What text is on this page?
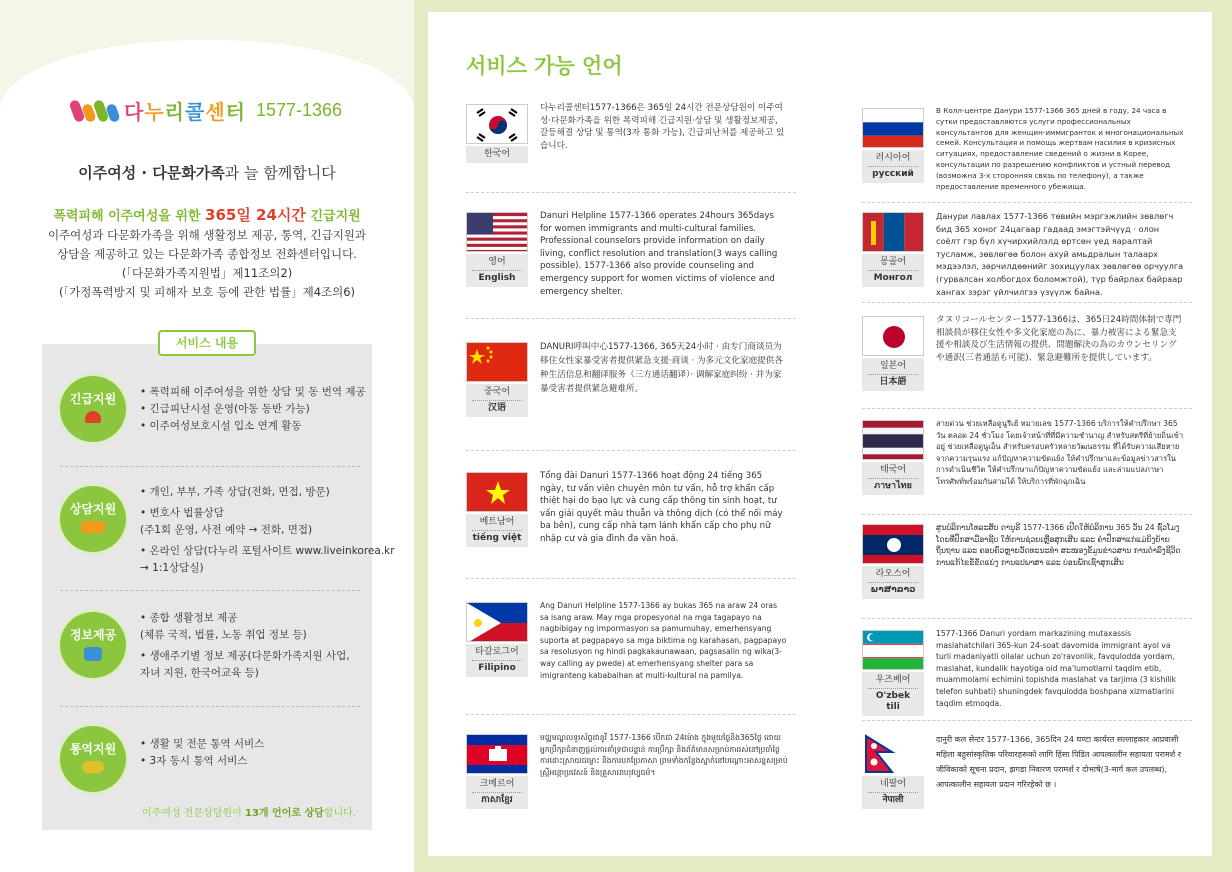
다누리콜센터 1577-1366
이주여성 · 다문화가족과 늘 함께합니다
폭력피해 이주여성을 위한 365일 24시간 긴급지원
이주여성과 다문화가족을 위해 생활정보 제공, 통역, 긴급지원과
상담을 제공하고 있는 다문화가족 종합정보 전화센터입니다.
(「다문화가족지원법」제11조의2)
(「가정폭력방지 및 피해자 보호 등에 관한 법률」제4조의6)
서비스 내용
긴급지원	• 폭력피해 이주여성을 위한 상담 및 동 번역 제공
• 긴급피난시설 운영(아동 동반 가능)
• 이주여성보호시설 입소 연계 활동
상담지원
• 개인, 부부, 가족 상담(전화, 면접, 방문)
• 변호사 법률상담
(주1회 운영, 사전 예약 → 전화, 면접)
• 온라인 상담(다누리 포털사이트 www.liveinkorea.kr
→ 1:1상담실)
정보제공
• 종합 생활정보 제공
(체류 국적, 법률, 노동 취업 정보 등)
• 생애주기별 정보 제공(다문화가족지원 사업,
자녀 지원, 한국어교육 등)
통역지원	• 생활 및 전문 통역 서비스
• 3자 동시 통역 서비스
이주여성 전문상담원이 13개 언어로 상담합니다.
서비스 가능 언어
한국어
다누리콜센터1577-1366은 365일 24시간 전문상담원이 이주여성·다문화가족을 위한 폭력피해 긴급지원·상담 및 생활정보제공, 갈등해결 상담 및 통역(3자 통화 가능), 긴급피난처를 제공하고 있습니다.
영어
English
Danuri Helpline 1577-1366 operates 24hours 365days for women immigrants and multi-cultural families. Professional counselors provide information on daily living, conflict resolution and translation(3 ways calling possible). 1577-1366 also provide counseling and emergency support for women victims of violence and emergency shelter.
중국어
汉语
DANURI呼叫中心1577-1366, 365天24小时 · 由专门商谈员为移住女性家暴受害者提供紧急支援·商谈 · 为多元文化家庭提供各种生活信息和翻译服务（三方通话翻译）· 调解家庭纠纷 · 并为家暴受害者提供紧急避难所。
베트남어
tiếng việt
Tổng đài Danuri 1577-1366 hoạt động 24 tiếng 365 ngày, tư vấn viên chuyên môn tư vấn, hỗ trợ khẩn cấp thiệt hại do bạo lực và cung cấp thông tin sinh hoạt, tư vấn giải quyết mâu thuẫn và thông dịch (có thể nối máy ba bên), cung cấp nhà tạm lánh khẩn cấp cho phụ nữ nhập cư và gia đình đa văn hoá.
타갈로그어
Filipino
Ang Danuri Helpline 1577-1366 ay bukas 365 na araw 24 oras sa isang araw. May mga propesyonal na mga tagapayo na nagbibigay ng impormasyon sa pamumuhay, emerhensyang suporta at pagpapayo sa mga biktima ng karahasan, pagpapayo sa resolusyon ng hindi pagkakaunawaan, pagsasalin ng wika(3-way calling ay pwede) at emerhensyang shelter para sa imigranteng kababaihan at multi-kultural na pamilya.
크메르어
ភាសាខ្មែរ
មជ្ឈមណ្ឌលទូរស័ព្ទដានូរី 1577-1366 បើកជា 24ម៉ោង ក្នុងមួយថ្ងៃនិង365ថ្ងៃ ដោយអ្នកប្រឹក្សាជំនាញផ្តល់ការគាំទ្រជាបន្ទាន់ ការប្រឹក្សា និងព័ត៌មានសម្រាប់ការរស់នៅប្រចាំថ្ងៃ ការដោះស្រាយជម្លោះ និងការបកប្រែភាសា ព្រមទាំងកន្លែងស្នាក់នៅបណ្តោះអាសន្នសម្រាប់ស្ត្រីអន្តោប្រវេសន៍ និងគ្រួសារពហុវប្បធម៌។
러시아어
русский
В Колл-центре Данури 1577-1366 365 дней в году, 24 часа в сутки предоставляются услуги профессиональных консультантов для женщин-иммигранток и многонациональных семей. Консультация и помощь жертвам насилия в кризисных ситуациях, предоставление сведений о жизни в Корее, консультации по разрешению конфликтов и устный перевод (возможна 3-х сторонняя связь по телефону), а также предоставление временного убежища.
몽골어
Монгол
Данури лавлах 1577-1366 төвийн мэргэжлийн зөвлөгч бид 365 хоног 24цагаар гадаад эмэгтэйчүүд · олон соёлт гэр бүл хүчирхийлэлд өртсөн үед яаралтай тусламж, зөвлөгөө болон ахуй амьдралын талаарх мэдээлэл, зөрчилдөөнийг зохицуулах зөвлөгөө орчуулга (гурвалсан холбогдох боломжтой), түр байрлах байраар хангах зэрэг үйлчилгээ үзүүлж байна.
일본어
日本語
タヌリコールセンター1577-1366は、365日24時間体制で専門相談員が移住女性や多文化家庭の為に、暴力被害による緊急支援や相談及び生活情報の提供、問題解決の為のカウンセリングや通訳(三者通話も可能)、緊急避難所を提供しています。
태국어
ภาษาไทย
สายด่วน ช่วยเหลือดูนูรีเฮ้ หมายเลข 1577-1366 บริการให้คำปรึกษา 365 วัน ตลอด 24 ชั่วโมง โดยเจ้าหน้าที่ที่มีความชำนาญ สำหรับสตรีที่ย้ายถิ่นเข้าอยู่ ช่วยเหลือดูนูเอ็น สำหรับครอบครัวหลายวัฒนธรรม ที่ได้รับความเสียหายจากความรุนแรง แก้ปัญหาความขัดแย้ง ให้คำปรึกษาและข้อมูลข่าวสารในการดำเนินชีวิต ให้คำปรึกษาแก้ปัญหาความขัดแย้ง และล่ามแปลภาษาโทรศัพท์พร้อมกันสามได้ ให้บริการที่พักฉุกเฉิน
라오스어
ພາສາລາວ
ສູນບໍລິການໂທລະສັບ ດານູຣີ 1577-1366 ເປີດໃຫ້ບໍລິການ 365 ວັນ 24 ຊົ່ວໂມງ ໂດຍທີ່ປຶກສາມືອາຊີບ ໃຫ້ການຊ່ວຍເຫຼືອສຸກເສີນ ແລະ ຄຳປຶກສາແກ່ແມ່ຍິງຍ້າຍຖິ່ນຖານ ແລະ ຄອບຄົວຫຼາຍວັດທະນະທຳ ສະໜອງຂໍ້ມູນຂ່າວສານ ການດຳລົງຊີວິດ ການແກ້ໄຂຂໍ້ຂັດແຍ່ງ ການແປພາສາ ແລະ ບ່ອນພັກເຊົາສຸກເສີນ
우즈베어
O'zbek tili
1577-1366 Danuri yordam markazining mutaxassis maslahatchilari 365-kun 24-soat davomida immigrant ayol va turli madaniyatli oilalar uchun zo'ravonlik, favqulodda yordam, maslahat, kundalik hayotiga oid ma'lumotlarni taqdim etib, muammolarni echimini topishda maslahat va tarjima (3 kishilik telefon suhbati) shuningdek favqulodda boshpana xizmatlarini taqdim etmoqda.
네팔어
नेपाली
दानुरी कल सेन्टर 1577-1366, 365दिन 24 घण्टा कार्यरत सल्लाहकार आप्रवासी महिला बहुसांस्कृतिक परिवारहरूको लागि हिंसा पिडित आपत्कालीन सहायता परामर्श र जीविकाको सूचना प्रदान, झगडा निवारण परामर्श र दोभाषे(3-मार्ग कल उपलब्ध), आपत्कालीन सहायता प्रदान गरिरहेको छ ।
